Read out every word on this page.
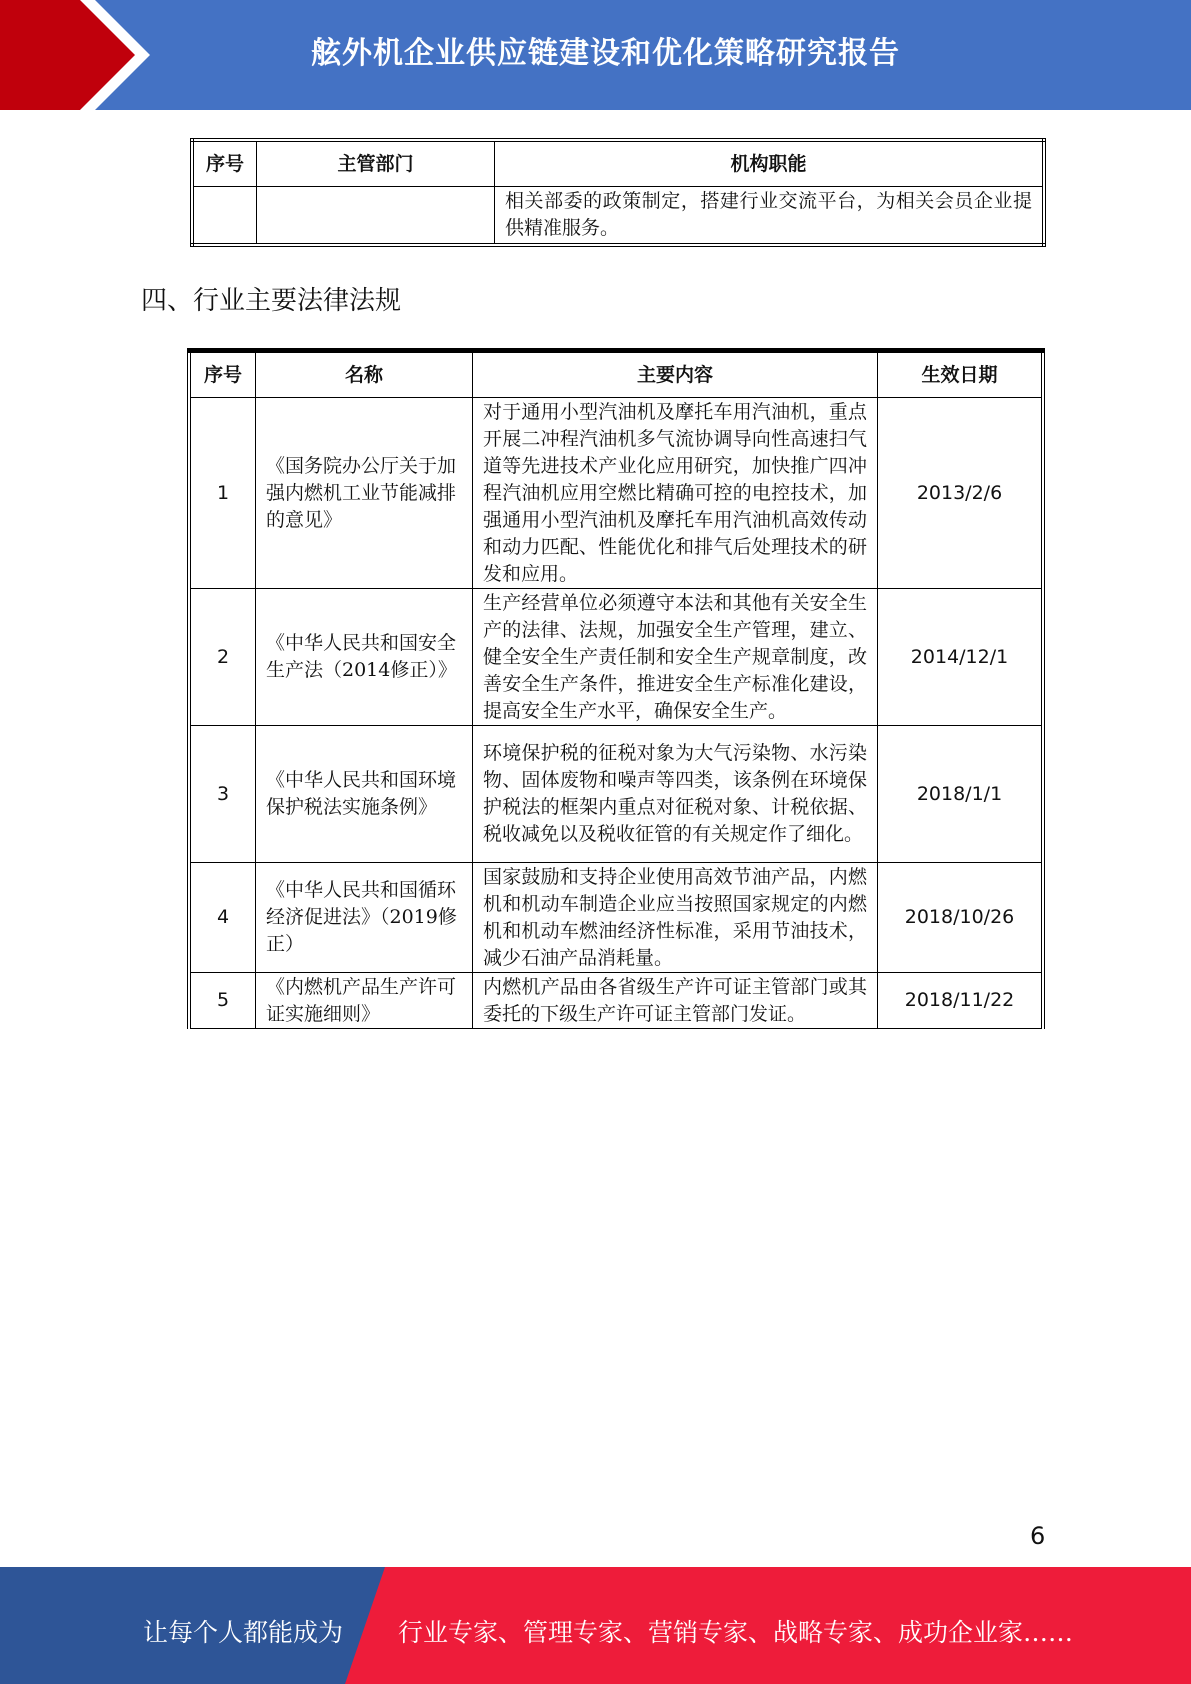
舷外机企业供应链建设和优化策略研究报告
序号	主管部门	机构职能
		相关部委的政策制定，搭建行业交流平台，为相关会员企业提供精准服务。
四、行业主要法律法规
序号	名称	主要内容	生效日期
1	《国务院办公厅关于加强内燃机工业节能减排的意见》	对于通用小型汽油机及摩托车用汽油机，重点开展二冲程汽油机多气流协调导向性高速扫气道等先进技术产业化应用研究，加快推广四冲程汽油机应用空燃比精确可控的电控技术，加强通用小型汽油机及摩托车用汽油机高效传动和动力匹配、性能优化和排气后处理技术的研发和应用。	2013/2/6
2	《中华人民共和国安全生产法（2014修正）》	生产经营单位必须遵守本法和其他有关安全生产的法律、法规，加强安全生产管理，建立、健全安全生产责任制和安全生产规章制度，改善安全生产条件，推进安全生产标准化建设，提高安全生产水平，确保安全生产。	2014/12/1
3	《中华人民共和国环境保护税法实施条例》	环境保护税的征税对象为大气污染物、水污染物、固体废物和噪声等四类，该条例在环境保护税法的框架内重点对征税对象、计税依据、税收减免以及税收征管的有关规定作了细化。	2018/1/1
4	《中华人民共和国循环经济促进法》（2019修正）	国家鼓励和支持企业使用高效节油产品，内燃机和机动车制造企业应当按照国家规定的内燃机和机动车燃油经济性标准，采用节油技术，减少石油产品消耗量。	2018/10/26
5	《内燃机产品生产许可证实施细则》	内燃机产品由各省级生产许可证主管部门或其委托的下级生产许可证主管部门发证。	2018/11/22
6
让每个人都能成为 行业专家、管理专家、营销专家、战略专家、成功企业家……
